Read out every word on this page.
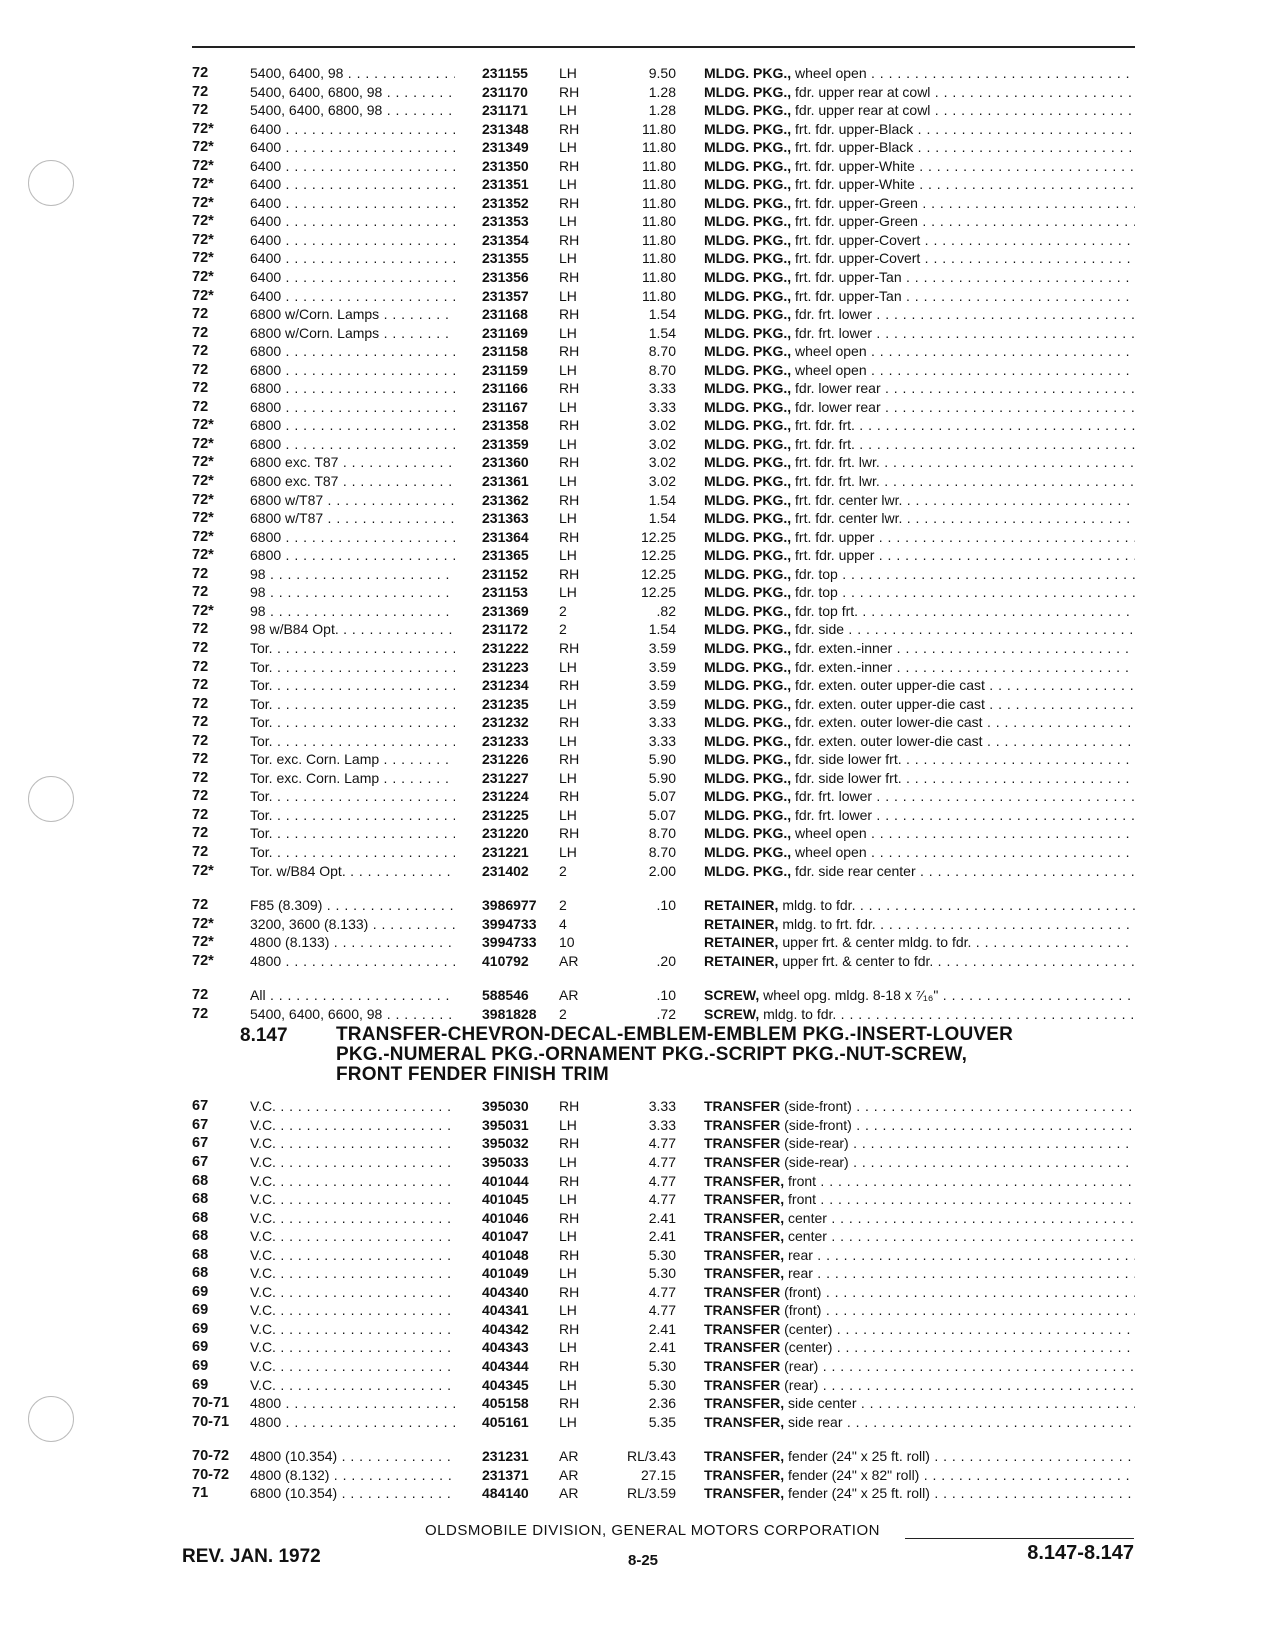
72	5400, 6400, 98 . . .	231155	LH	9.50 MLDG. PKG., wheel open . . .
72	5400, 6400, 6800, 98 . . .	231170	RH	1.28 MLDG. PKG., fdr. upper rear at cowl . . .
72	5400, 6400, 6800, 98 . . .	231171	LH	1.28 MLDG. PKG., fdr. upper rear at cowl . . .
72*	6400 . . .	231348	RH	11.80 MLDG. PKG., frt. fdr. upper-Black . . .
72*	6400 . . .	231349	LH	11.80 MLDG. PKG., frt. fdr. upper-Black . . .
72*	6400 . . .	231350	RH	11.80 MLDG. PKG., frt. fdr. upper-White . . .
72*	6400 . . .	231351	LH	11.80 MLDG. PKG., frt. fdr. upper-White . . .
72*	6400 . . .	231352	RH	11.80 MLDG. PKG., frt. fdr. upper-Green . . .
72*	6400 . . .	231353	LH	11.80 MLDG. PKG., frt. fdr. upper-Green . . .
72*	6400 . . .	231354	RH	11.80 MLDG. PKG., frt. fdr. upper-Covert . . .
72*	6400 . . .	231355	LH	11.80 MLDG. PKG., frt. fdr. upper-Covert . . .
72*	6400 . . .	231356	RH	11.80 MLDG. PKG., frt. fdr. upper-Tan . . .
72*	6400 . . .	231357	LH	11.80 MLDG. PKG., frt. fdr. upper-Tan . . .
72	6800 w/Corn. Lamps . . .	231168	RH	1.54 MLDG. PKG., fdr. frt. lower . . .
72	6800 w/Corn. Lamps . . .	231169	LH	1.54 MLDG. PKG., fdr. frt. lower . . .
72	6800 . . .	231158	RH	8.70 MLDG. PKG., wheel open . . .
72	6800 . . .	231159	LH	8.70 MLDG. PKG., wheel open . . .
72	6800 . . .	231166	RH	3.33 MLDG. PKG., fdr. lower rear . . .
72	6800 . . .	231167	LH	3.33 MLDG. PKG., fdr. lower rear . . .
72*	6800 . . .	231358	RH	3.02 MLDG. PKG., frt. fdr. frt. . . .
72*	6800 . . .	231359	LH	3.02 MLDG. PKG., frt. fdr. frt. . . .
72*	6800 exc. T87 . . .	231360	RH	3.02 MLDG. PKG., frt. fdr. frt. lwr. . . .
72*	6800 exc. T87 . . .	231361	LH	3.02 MLDG. PKG., frt. fdr. frt. lwr. . . .
72*	6800 w/T87 . . .	231362	RH	1.54 MLDG. PKG., frt. fdr. center lwr. . . .
72*	6800 w/T87 . . .	231363	LH	1.54 MLDG. PKG., frt. fdr. center lwr. . . .
72*	6800 . . .	231364	RH	12.25 MLDG. PKG., frt. fdr. upper . . .
72*	6800 . . .	231365	LH	12.25 MLDG. PKG., frt. fdr. upper . . .
72	98 . . .	231152	RH	12.25 MLDG. PKG., fdr. top . . .
72	98 . . .	231153	LH	12.25 MLDG. PKG., fdr. top . . .
72*	98 . . .	231369	2	.82 MLDG. PKG., fdr. top frt. . . .
72	98 w/B84 Opt. . . .	231172	2	1.54 MLDG. PKG., fdr. side . . .
72	Tor. . . .	231222	RH	3.59 MLDG. PKG., fdr. exten.-inner . . .
72	Tor. . . .	231223	LH	3.59 MLDG. PKG., fdr. exten.-inner . . .
72	Tor. . . .	231234	RH	3.59 MLDG. PKG., fdr. exten. outer upper-die cast . . .
72	Tor. . . .	231235	LH	3.59 MLDG. PKG., fdr. exten. outer upper-die cast . . .
72	Tor. . . .	231232	RH	3.33 MLDG. PKG., fdr. exten. outer lower-die cast . . .
72	Tor. . . .	231233	LH	3.33 MLDG. PKG., fdr. exten. outer lower-die cast . . .
72	Tor. exc. Corn. Lamp . . .	231226	RH	5.90 MLDG. PKG., fdr. side lower frt. . . .
72	Tor. exc. Corn. Lamp . . .	231227	LH	5.90 MLDG. PKG., fdr. side lower frt. . . .
72	Tor. . . .	231224	RH	5.07 MLDG. PKG., fdr. frt. lower . . .
72	Tor. . . .	231225	LH	5.07 MLDG. PKG., fdr. frt. lower . . .
72	Tor. . . .	231220	RH	8.70 MLDG. PKG., wheel open . . .
72	Tor. . . .	231221	LH	8.70 MLDG. PKG., wheel open . . .
72*	Tor. w/B84 Opt. . . .	231402	2	2.00 MLDG. PKG., fdr. side rear center . . .
72	F85 (8.309) . . .	3986977	2	.10 RETAINER, mldg. to fdr. . . .
72*	3200, 3600 (8.133) . . .	3994733	4	RETAINER, mldg. to frt. fdr. . . .
72*	4800 (8.133) . . .	3994733	10	RETAINER, upper frt. & center mldg. to fdr. . . .
72*	4800 . . .	410792	AR	.20 RETAINER, upper frt. & center to fdr. . . .
72	All . . .	588546	AR	.10 SCREW, wheel opg. mldg. 8-18 x ⁷⁄₁₆" . . .
72	5400, 6400, 6600, 98 . . .	3981828	2	.72 SCREW, mldg. to fdr. . . .
8.147	TRANSFER-CHEVRON-DECAL-EMBLEM-EMBLEM PKG.-INSERT-LOUVER
PKG.-NUMERAL PKG.-ORNAMENT PKG.-SCRIPT PKG.-NUT-SCREW,
FRONT FENDER FINISH TRIM
67	V.C. . . .	395030	RH	3.33 TRANSFER (side-front) . . .
67	V.C. . . .	395031	LH	3.33 TRANSFER (side-front) . . .
67	V.C. . . .	395032	RH	4.77 TRANSFER (side-rear) . . .
67	V.C. . . .	395033	LH	4.77 TRANSFER (side-rear) . . .
68	V.C. . . .	401044	RH	4.77 TRANSFER, front . . .
68	V.C. . . .	401045	LH	4.77 TRANSFER, front . . .
68	V.C. . . .	401046	RH	2.41 TRANSFER, center . . .
68	V.C. . . .	401047	LH	2.41 TRANSFER, center . . .
68	V.C. . . .	401048	RH	5.30 TRANSFER, rear . . .
68	V.C. . . .	401049	LH	5.30 TRANSFER, rear . . .
69	V.C. . . .	404340	RH	4.77 TRANSFER (front) . . .
69	V.C. . . .	404341	LH	4.77 TRANSFER (front) . . .
69	V.C. . . .	404342	RH	2.41 TRANSFER (center) . . .
69	V.C. . . .	404343	LH	2.41 TRANSFER (center) . . .
69	V.C. . . .	404344	RH	5.30 TRANSFER (rear) . . .
69	V.C. . . .	404345	LH	5.30 TRANSFER (rear) . . .
70-71	4800 . . .	405158	RH	2.36 TRANSFER, side center . . .
70-71	4800 . . .	405161	LH	5.35 TRANSFER, side rear . . .
70-72	4800 (10.354) . . .	231231	AR	RL/3.43 TRANSFER, fender (24" x 25 ft. roll) . . .
70-72	4800 (8.132) . . .	231371	AR	27.15 TRANSFER, fender (24" x 82" roll) . . .
71	6800 (10.354) . . .	484140	AR	RL/3.59 TRANSFER, fender (24" x 25 ft. roll) . . .
OLDSMOBILE DIVISION, GENERAL MOTORS CORPORATION
REV. JAN. 1972	8-25	8.147-8.147
